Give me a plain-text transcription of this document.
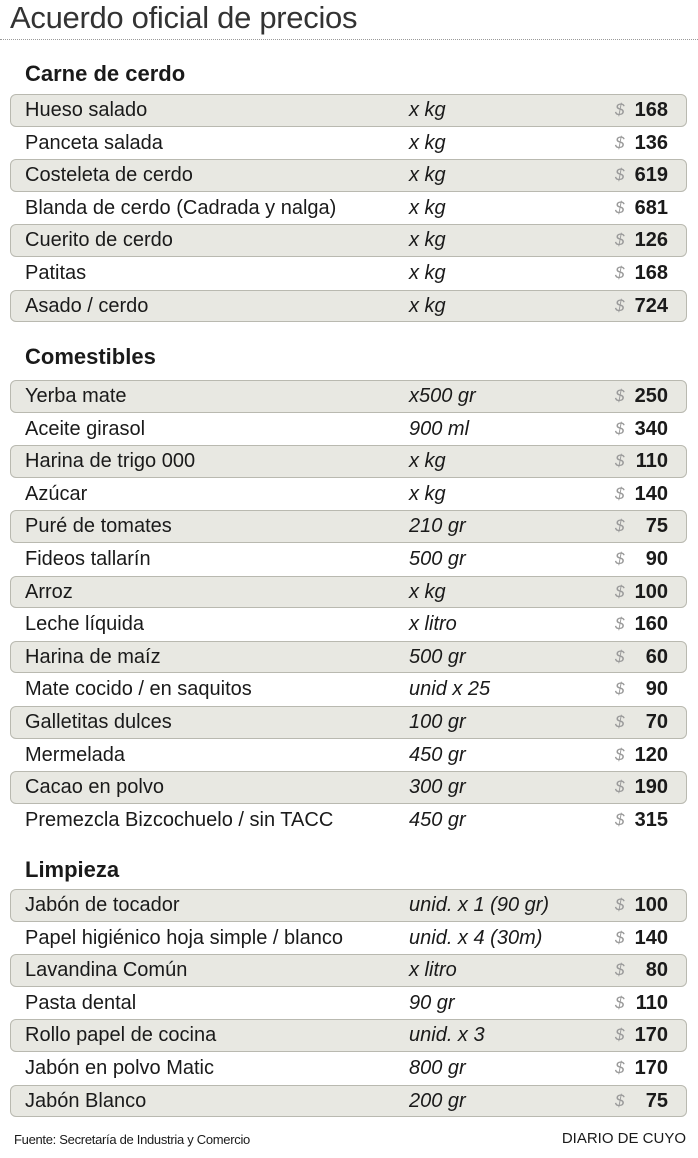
Acuerdo oficial de precios
Carne de cerdo
Hueso salado	x kg	$ 168
Panceta salada	x kg	$ 136
Costeleta de cerdo	x kg	$ 619
Blanda de cerdo (Cadrada y nalga)	x kg	$ 681
Cuerito de cerdo	x kg	$ 126
Patitas	x kg	$ 168
Asado / cerdo	x kg	$ 724
Comestibles
Yerba mate	x500 gr	$ 250
Aceite girasol	900 ml	$ 340
Harina de trigo 000	x kg	$ 110
Azúcar	x kg	$ 140
Puré de tomates	210 gr	$ 75
Fideos tallarín	500 gr	$ 90
Arroz	x kg	$ 100
Leche líquida	x litro	$ 160
Harina de maíz	500 gr	$ 60
Mate cocido / en saquitos	unid x 25	$ 90
Galletitas dulces	100 gr	$ 70
Mermelada	450 gr	$ 120
Cacao en polvo	300 gr	$ 190
Premezcla Bizcochuelo / sin TACC	450 gr	$ 315
Limpieza
Jabón de tocador	unid. x 1 (90 gr)	$ 100
Papel higiénico hoja simple / blanco	unid. x 4 (30m)	$ 140
Lavandina Común	x litro	$ 80
Pasta dental	90 gr	$ 110
Rollo papel de cocina	unid. x 3	$ 170
Jabón en polvo Matic	800 gr	$ 170
Jabón Blanco	200 gr	$ 75
Fuente: Secretaría de Industria y Comercio	DIARIO DE CUYO
